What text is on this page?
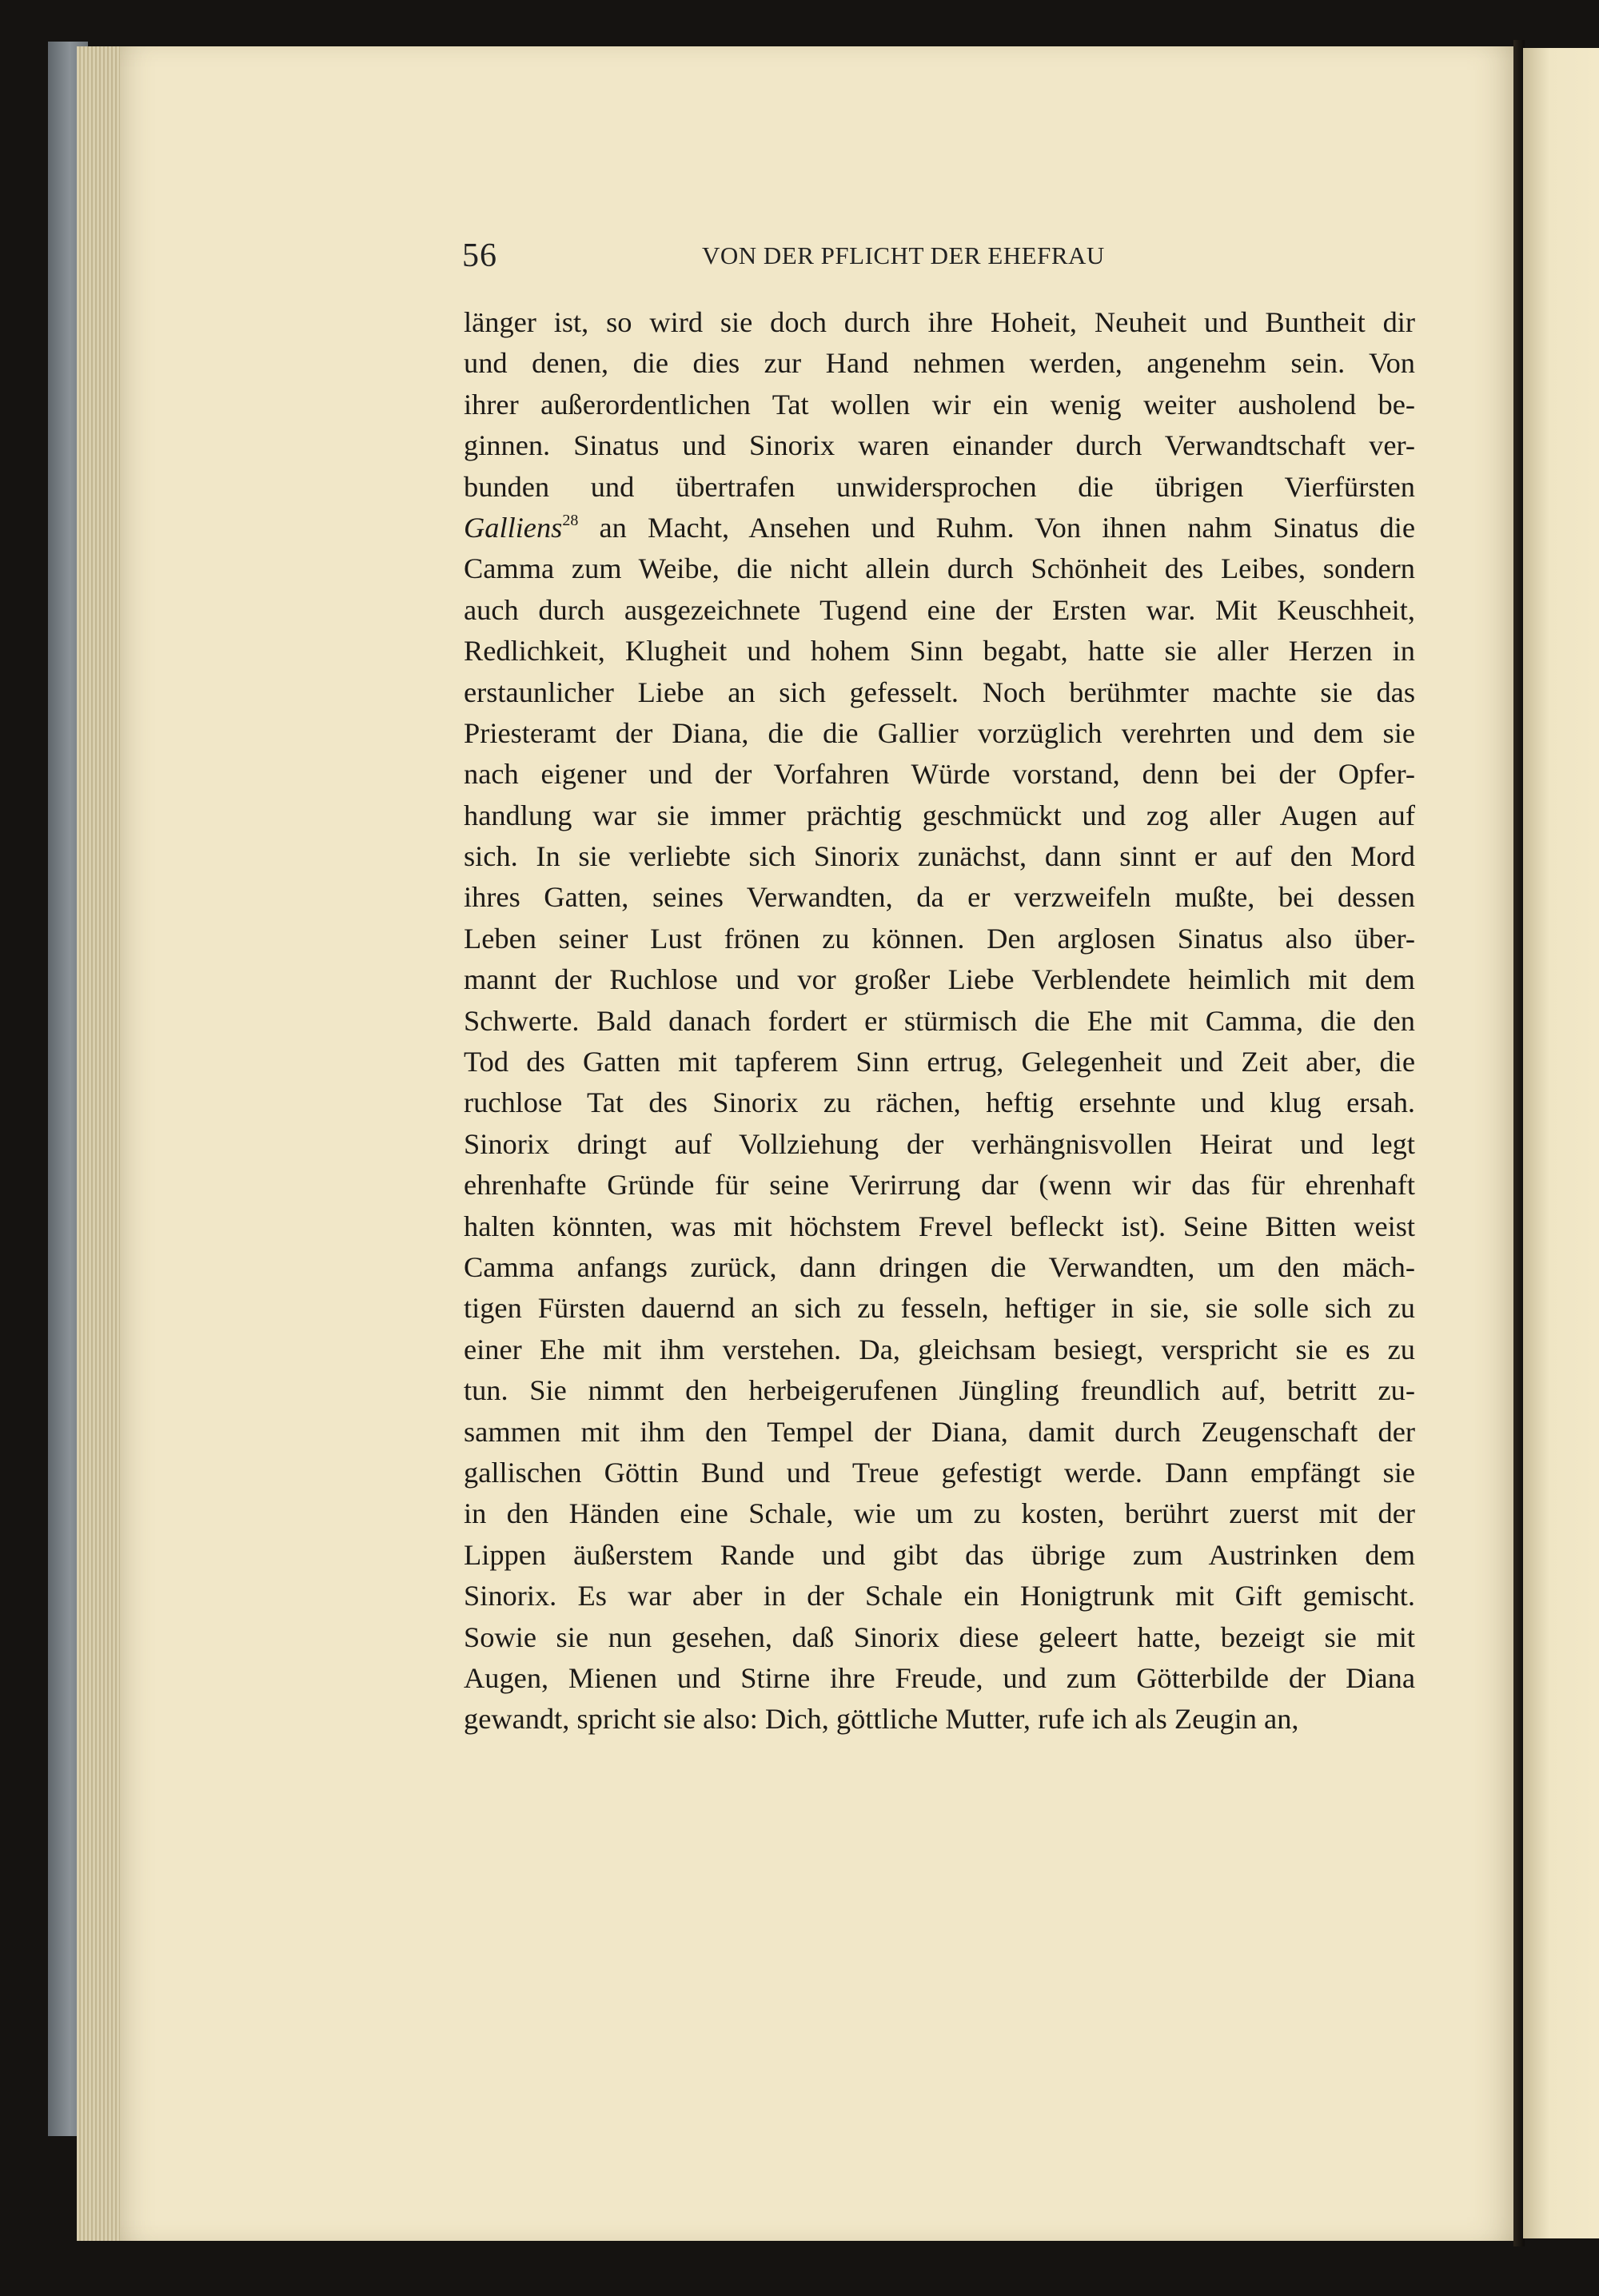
56	VON DER PFLICHT DER EHEFRAU
länger ist, so wird sie doch durch ihre Hoheit, Neuheit und Buntheit dir
und denen, die dies zur Hand nehmen werden, angenehm sein. Von
ihrer außerordentlichen Tat wollen wir ein wenig weiter ausholend be-
ginnen. Sinatus und Sinorix waren einander durch Verwandtschaft ver-
bunden und übertrafen unwidersprochen die übrigen Vierfürsten
Galliens$^{28}$ an Macht, Ansehen und Ruhm. Von ihnen nahm Sinatus die
Camma zum Weibe, die nicht allein durch Schönheit des Leibes, sondern
auch durch ausgezeichnete Tugend eine der Ersten war. Mit Keuschheit,
Redlichkeit, Klugheit und hohem Sinn begabt, hatte sie aller Herzen in
erstaunlicher Liebe an sich gefesselt. Noch berühmter machte sie das
Priesteramt der Diana, die die Gallier vorzüglich verehrten und dem sie
nach eigener und der Vorfahren Würde vorstand, denn bei der Opfer-
handlung war sie immer prächtig geschmückt und zog aller Augen auf
sich. In sie verliebte sich Sinorix zunächst, dann sinnt er auf den Mord
ihres Gatten, seines Verwandten, da er verzweifeln mußte, bei dessen
Leben seiner Lust frönen zu können. Den arglosen Sinatus also über-
mannt der Ruchlose und vor großer Liebe Verblendete heimlich mit dem
Schwerte. Bald danach fordert er stürmisch die Ehe mit Camma, die den
Tod des Gatten mit tapferem Sinn ertrug, Gelegenheit und Zeit aber, die
ruchlose Tat des Sinorix zu rächen, heftig ersehnte und klug ersah.
Sinorix dringt auf Vollziehung der verhängnisvollen Heirat und legt
ehrenhafte Gründe für seine Verirrung dar (wenn wir das für ehrenhaft
halten könnten, was mit höchstem Frevel befleckt ist). Seine Bitten weist
Camma anfangs zurück, dann dringen die Verwandten, um den mäch-
tigen Fürsten dauernd an sich zu fesseln, heftiger in sie, sie solle sich zu
einer Ehe mit ihm verstehen. Da, gleichsam besiegt, verspricht sie es zu
tun. Sie nimmt den herbeigerufenen Jüngling freundlich auf, betritt zu-
sammen mit ihm den Tempel der Diana, damit durch Zeugenschaft der
gallischen Göttin Bund und Treue gefestigt werde. Dann empfängt sie
in den Händen eine Schale, wie um zu kosten, berührt zuerst mit der
Lippen äußerstem Rande und gibt das übrige zum Austrinken dem
Sinorix. Es war aber in der Schale ein Honigtrunk mit Gift gemischt.
Sowie sie nun gesehen, daß Sinorix diese geleert hatte, bezeigt sie mit
Augen, Mienen und Stirne ihre Freude, und zum Götterbilde der Diana
gewandt, spricht sie also: Dich, göttliche Mutter, rufe ich als Zeugin an,
